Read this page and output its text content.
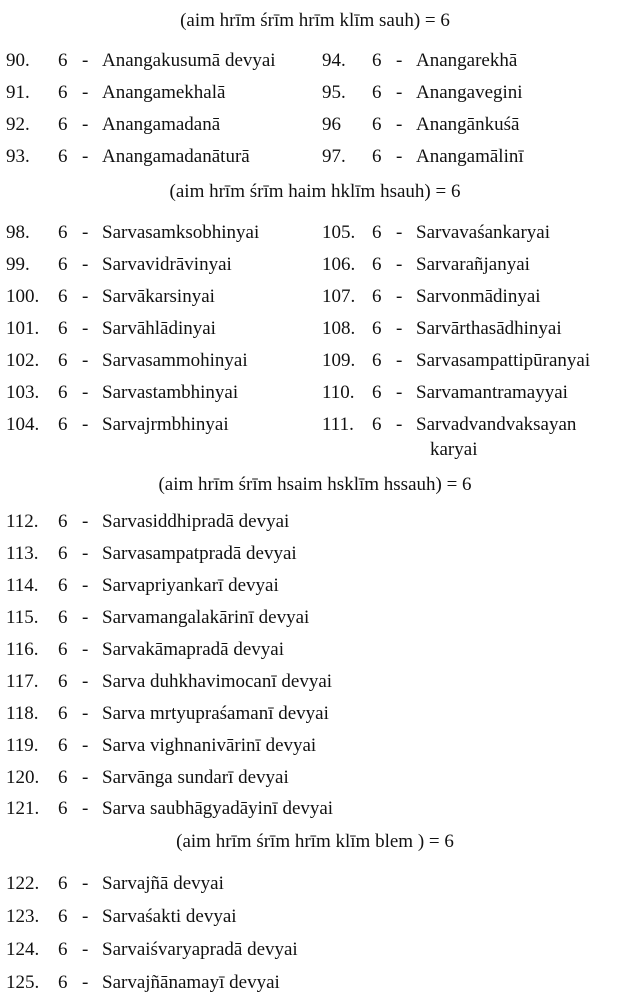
(aim hrīm śrīm hrīm klīm sauh) = 6
90.	6 - Anangakusumā devyai
91.	6 - Anangamekhalā
92.	6 - Anangamadanā
93.	6 - Anangamadanāturā
94.	6 - Anangarekhā
95.	6 - Anangavegini
96	6 - Anangānkuśā
97.	6 - Anangamālinī
(aim hrīm śrīm haim hklīm hsauh) = 6
98.	6 - Sarvasamksobhinyai
99.	6 - Sarvavidrāvinyai
100. 6 - Sarvākarsinyai
101. 6 - Sarvāhlādinyai
102. 6 - Sarvasammohinyai
103. 6 - Sarvastambhinyai
104. 6 - Sarvajrmbhinyai
105. 6 - Sarvavaśankaryai
106. 6 - Sarvarañjanyai
107. 6 - Sarvonmādinyai
108. 6 - Sarvārthasādhinyai
109. 6 - Sarvasampattipūranyai
110. 6 - Sarvamantramayyai
111. 6 - Sarvadvandvaksayan
karyai
(aim hrīm śrīm hsaim hsklīm hssauh) = 6
112.	6 - Sarvasiddhipradā devyai
113.	6 - Sarvasampatpradā devyai
114.	6 - Sarvapriyankarī devyai
115.	6 - Sarvamangalakārinī devyai
116.	6 - Sarvakāmapradā devyai
117.	6 - Sarva duhkhavimocanī devyai
118.	6 - Sarva mrtyupraśamanī devyai
119.	6 - Sarva vighnanivārinī devyai
120. 6 - Sarvānga sundarī devyai
121. 6 - Sarva saubhāgyadāyinī devyai
(aim hrīm śrīm hrīm klīm blem ) = 6
122. 6 - Sarvajñā devyai
123. 6 - Sarvaśakti devyai
124. 6 - Sarvaiśvaryapradā devyai
125. 6 - Sarvajñānamayī devyai
